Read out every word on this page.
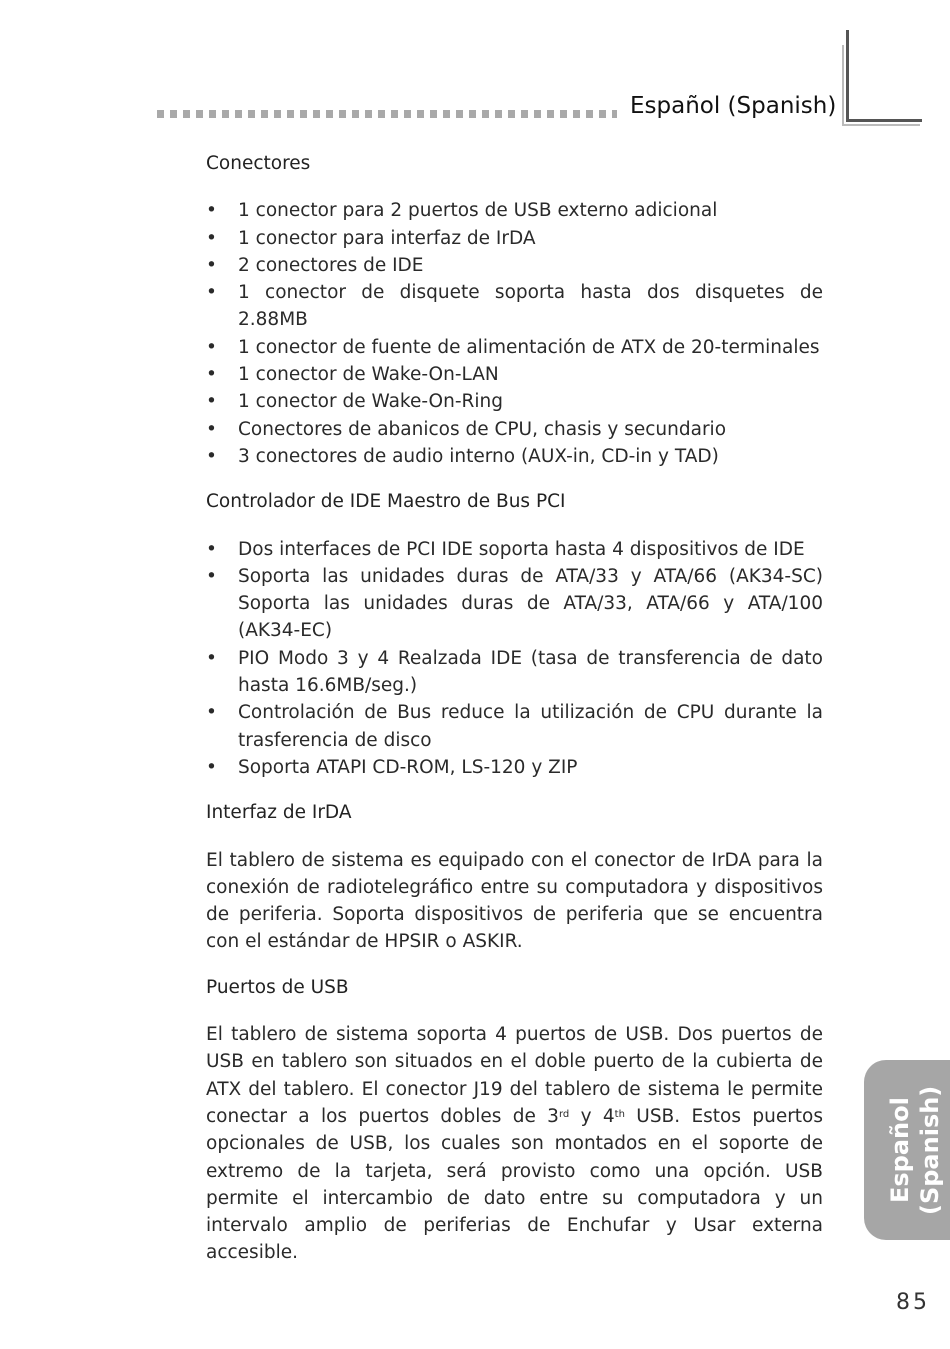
Español (Spanish)
Conectores
• 1 conector para 2 puertos de USB externo adicional
• 1 conector para interfaz de IrDA
• 2 conectores de IDE
• 1 conector de disquete soporta hasta dos disquetes de 2.88MB
• 1 conector de fuente de alimentación de ATX de 20-terminales
• 1 conector de Wake-On-LAN
• 1 conector de Wake-On-Ring
• Conectores de abanicos de CPU, chasis y secundario
• 3 conectores de audio interno (AUX-in, CD-in y TAD)
Controlador de IDE Maestro de Bus PCI
• Dos interfaces de PCI IDE soporta hasta 4 dispositivos de IDE
• Soporta las unidades duras de ATA/33 y ATA/66 (AK34-SC) Soporta las unidades duras de ATA/33, ATA/66 y ATA/100 (AK34-EC)
• PIO Modo 3 y 4 Realzada IDE (tasa de transferencia de dato hasta 16.6MB/seg.)
• Controlación de Bus reduce la utilización de CPU durante la trasferencia de disco
• Soporta ATAPI CD-ROM, LS-120 y ZIP
Interfaz de IrDA

El tablero de sistema es equipado con el conector de IrDA para la conexión de radiotelegráfico entre su computadora y dispositivos de periferia. Soporta dispositivos de periferia que se encuentra con el estándar de HPSIR o ASKIR.

Puertos de USB

El tablero de sistema soporta 4 puertos de USB. Dos puertos de USB en tablero son situados en el doble puerto de la cubierta de ATX del tablero. El conector J19 del tablero de sistema le permite conectar a los puertos dobles de 3rd y 4th USB. Estos puertos opcionales de USB, los cuales son montados en el soporte de extremo de la tarjeta, será provisto como una opción. USB permite el intercambio de dato entre su computadora y un intervalo amplio de periferias de Enchufar y Usar externa accesible.

Español
(Spanish)
85
